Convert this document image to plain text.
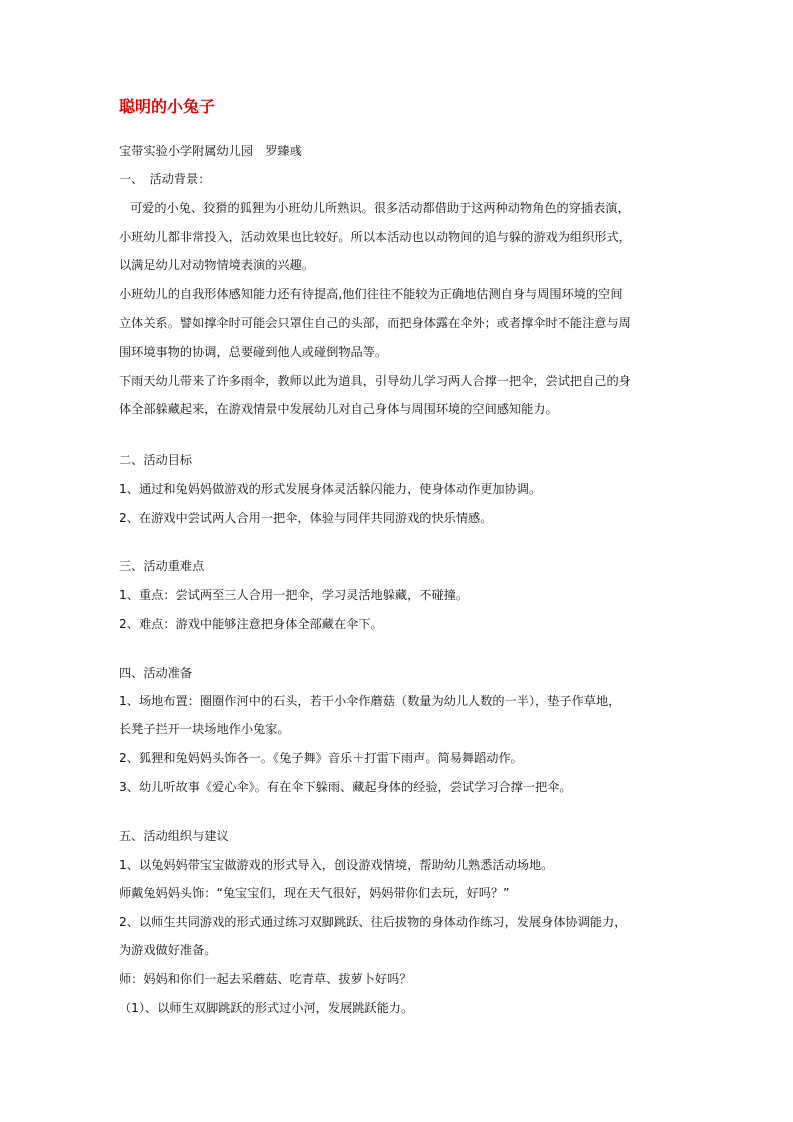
聪明的小兔子
宝带实验小学附属幼儿园　罗臻彧
一、　活动背景：
可爱的小兔、狡猾的狐狸为小班幼儿所熟识。很多活动都借助于这两种动物角色的穿插表演，
小班幼儿都非常投入，活动效果也比较好。所以本活动也以动物间的追与躲的游戏为组织形式，
以满足幼儿对动物情境表演的兴趣。
小班幼儿的自我形体感知能力还有待提高,他们往往不能较为正确地估测自身与周围环境的空间
立体关系。譬如撑伞时可能会只罩住自己的头部，而把身体露在伞外；或者撑伞时不能注意与周
围环境事物的协调，总要碰到他人或碰倒物品等。
下雨天幼儿带来了许多雨伞，教师以此为道具，引导幼儿学习两人合撑一把伞，尝试把自己的身
体全部躲藏起来，在游戏情景中发展幼儿对自己身体与周围环境的空间感知能力。
二、活动目标
1、通过和兔妈妈做游戏的形式发展身体灵活躲闪能力，使身体动作更加协调。
2、在游戏中尝试两人合用一把伞，体验与同伴共同游戏的快乐情感。
三、活动重难点
1、重点：尝试两至三人合用一把伞，学习灵活地躲藏，不碰撞。
2、难点：游戏中能够注意把身体全部藏在伞下。
四、活动准备
1、场地布置：圈圈作河中的石头，若干小伞作蘑菇（数量为幼儿人数的一半），垫子作草地，
长凳子拦开一块场地作小兔家。
2、狐狸和兔妈妈头饰各一。《兔子舞》音乐＋打雷下雨声。简易舞蹈动作。
3、幼儿听故事《爱心伞》。有在伞下躲雨、藏起身体的经验，尝试学习合撑一把伞。
五、活动组织与建议
1、以兔妈妈带宝宝做游戏的形式导入，创设游戏情境，帮助幼儿熟悉活动场地。
师戴兔妈妈头饰：“兔宝宝们，现在天气很好，妈妈带你们去玩，好吗？”
2、以师生共同游戏的形式通过练习双脚跳跃、往后拔物的身体动作练习，发展身体协调能力，
为游戏做好准备。
师：妈妈和你们一起去采蘑菇、吃青草、拔萝卜好吗？
（1）、以师生双脚跳跃的形式过小河，发展跳跃能力。
